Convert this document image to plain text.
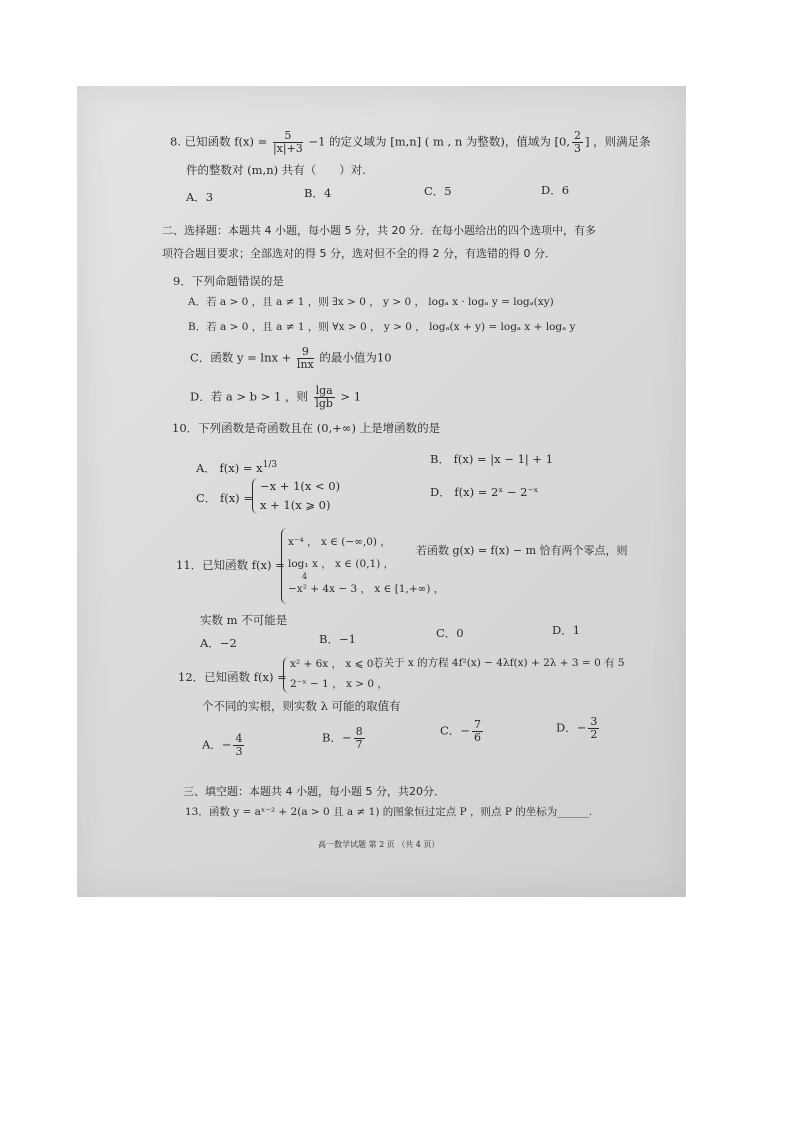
8. 已知函数 $f(x) = \frac{5}{|x|+3} -1$ 的定义域为 [m,n] ( m , n 为整数)，值域为 [0, $\frac{2}{3}$ ] ，则满足条
件的整数对 (m,n) 共有（　　）对.
A．3	B．4	C．5	D．6
二、选择题：本题共 4 小题，每小题 5 分，共 20 分．在每小题给出的四个选项中，有多
项符合题目要求；全部选对的得 5 分，选对但不全的得 2 分，有选错的得 0 分．
9．下列命题错误的是
A．若 a > 0 ，且 a ≠ 1 ，则 ∃x > 0 ， y > 0 ， logₐ x · logₐ y = logₐ(xy)
B．若 a > 0 ，且 a ≠ 1 ，则 ∀x > 0 ， y > 0 ， logₐ(x + y) = logₐ x + logₐ y
C．函数 $y = \ln x + \frac{9}{\ln x}$ 的最小值为10
D．若 a > b > 1 ，则 $\frac{\lg a}{\lg b} > 1$
10．下列函数是奇函数且在 (0,+∞) 上是增函数的是
A． $f(x) = x^{1/3}$	B． f(x) = |x − 1| + 1
C． f(x) =
−x + 1(x < 0)
x + 1(x ⩾ 0)
D． f(x) = 2ˣ − 2⁻ˣ
11．已知函数 f(x) =
x⁻⁴ ， x ∈ (−∞,0) ，
log₁ x ， x ∈ (0,1) ，
4
−x² + 4x − 3 ， x ∈ [1,+∞) ，
若函数 g(x) = f(x) − m 恰有两个零点，则
实数 m 不可能是
A．−2	B．−1	C．0	D．1
12．已知函数 f(x) =
x² + 6x ， x ⩽ 0 ，
2⁻ˣ − 1 ， x > 0 ，
若关于 x 的方程 4f²(x) − 4λf(x) + 2λ + 3 = 0 有 5
个不同的实根，则实数 λ 可能的取值有
A．− $\frac{4}{3}$	B．− $\frac{8}{7}$	C．− $\frac{7}{6}$	D．− $\frac{3}{2}$
三、填空题：本题共 4 小题，每小题 5 分，共20分．
13．函数 y = aˣ⁻² + 2(a > 0 且 a ≠ 1) 的图象恒过定点 P ，则点 P 的坐标为______.
高一数学试题 第 2 页 （共 4 页）
